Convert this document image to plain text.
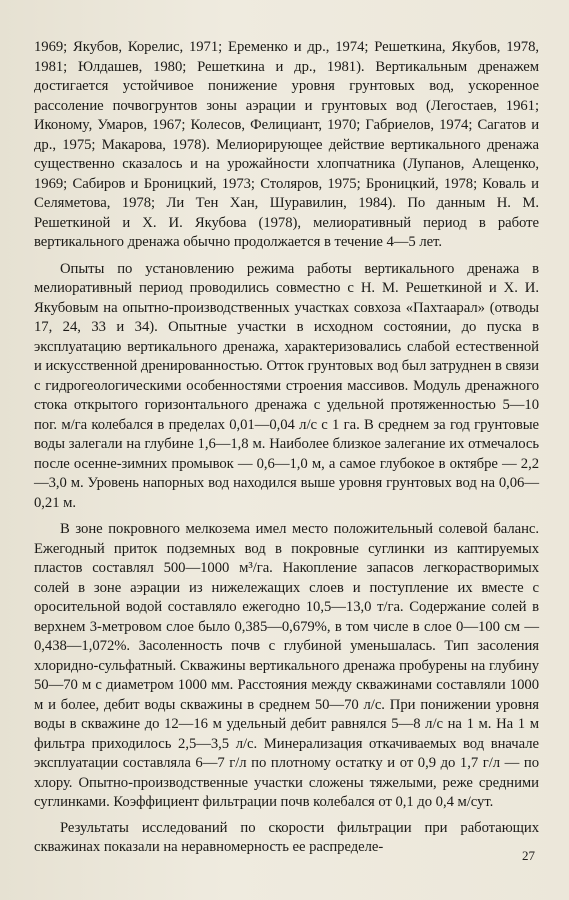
1969; Якубов, Корелис, 1971; Еременко и др., 1974; Решеткина, Якубов, 1978, 1981; Юлдашев, 1980; Решеткина и др., 1981). Вертикальным дренажем достигается устойчивое понижение уровня грунтовых вод, ускоренное рассоление почвогрунтов зоны аэрации и грунтовых вод (Легостаев, 1961; Икономy, Умаров, 1967; Колесов, Фелициант, 1970; Габриелов, 1974; Сагатов и др., 1975; Макарова, 1978). Мелиорирующее действие вертикального дренажа существенно сказалось и на урожайности хлопчатника (Лупанов, Алещенко, 1969; Сабиров и Броницкий, 1973; Столяров, 1975; Броницкий, 1978; Коваль и Селяметова, 1978; Ли Тен Хан, Шуравилин, 1984). По данным Н. М. Решеткиной и Х. И. Якубова (1978), мелиоративный период в работе вертикального дренажа обычно продолжается в течение 4—5 лет.

Опыты по установлению режима работы вертикального дренажа в мелиоративный период проводились совместно с Н. М. Решеткиной и Х. И. Якубовым на опытно-производственных участках совхоза «Пахтаарал» (отводы 17, 24, 33 и 34). Опытные участки в исходном состоянии, до пуска в эксплуатацию вертикального дренажа, характеризовались слабой естественной и искусственной дренированностью. Отток грунтовых вод был затруднен в связи с гидрогеологическими особенностями строения массивов. Модуль дренажного стока открытого горизонтального дренажа с удельной протяженностью 5—10 пог. м/га колебался в пределах 0,01—0,04 л/с с 1 га. В среднем за год грунтовые воды залегали на глубине 1,6—1,8 м. Наиболее близкое залегание их отмечалось после осенне-зимних промывок — 0,6—1,0 м, а самое глубокое в октябре — 2,2—3,0 м. Уровень напорных вод находился выше уровня грунтовых вод на 0,06—0,21 м.

В зоне покровного мелкозема имел место положительный солевой баланс. Ежегодный приток подземных вод в покровные суглинки из каптируемых пластов составлял 500—1000 м³/га. Накопление запасов легкорастворимых солей в зоне аэрации из нижележащих слоев и поступление их вместе с оросительной водой составляло ежегодно 10,5—13,0 т/га. Содержание солей в верхнем 3-метровом слое было 0,385—0,679%, в том числе в слое 0—100 см — 0,438—1,072%. Засоленность почв с глубиной уменьшалась. Тип засоления хлоридно-сульфатный. Скважины вертикального дренажа пробурены на глубину 50—70 м с диаметром 1000 мм. Расстояния между скважинами составляли 1000 м и более, дебит воды скважины в среднем 50—70 л/с. При понижении уровня воды в скважине до 12—16 м удельный дебит равнялся 5—8 л/с на 1 м. На 1 м фильтра приходилось 2,5—3,5 л/с. Минерализация откачиваемых вод вначале эксплуатации составляла 6—7 г/л по плотному остатку и от 0,9 до 1,7 г/л — по хлору. Опытно-производственные участки сложены тяжелыми, реже средними суглинками. Коэффициент фильтрации почв колебался от 0,1 до 0,4 м/сут.

Результаты исследований по скорости фильтрации при работающих скважинах показали на неравномерность ее распределе-

27
